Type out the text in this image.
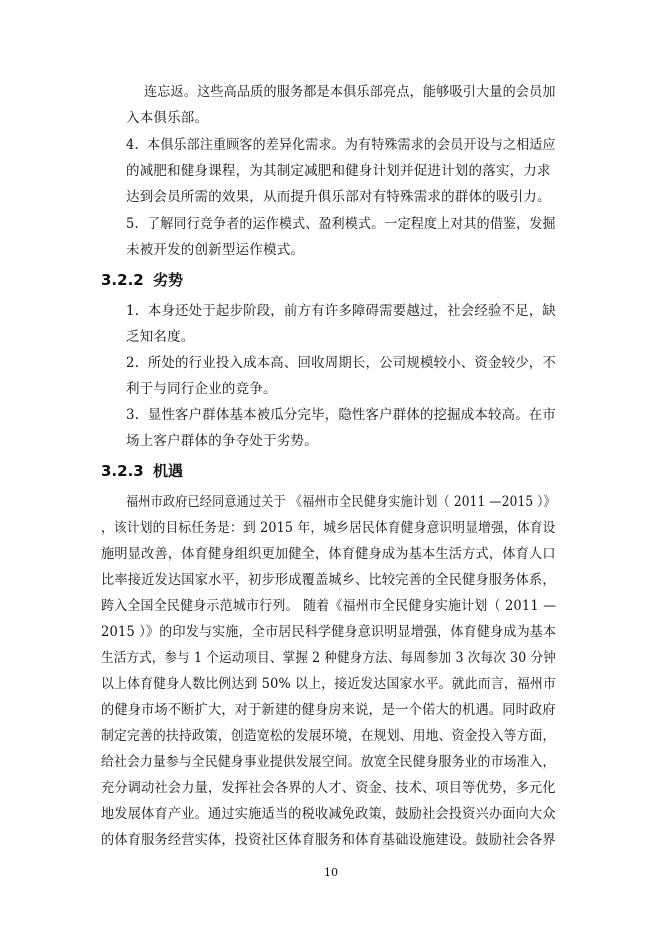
连忘返。这些高品质的服务都是本俱乐部亮点，能够吸引大量的会员加
入本俱乐部。
4. 本俱乐部注重顾客的差异化需求。为有特殊需求的会员开设与之相适应
的减肥和健身课程，为其制定减肥和健身计划并促进计划的落实，力求
达到会员所需的效果，从而提升俱乐部对有特殊需求的群体的吸引力。
5. 了解同行竞争者的运作模式、盈利模式。一定程度上对其的借鉴，发掘
未被开发的创新型运作模式。
3.2.2 劣势
1. 本身还处于起步阶段，前方有许多障碍需要越过，社会经验不足，缺
乏知名度。
2. 所处的行业投入成本高、回收周期长，公司规模较小、资金较少，不
利于与同行企业的竞争。
3. 显性客户群体基本被瓜分完毕，隐性客户群体的挖掘成本较高。在市
场上客户群体的争夺处于劣势。
3.2.3 机遇
福州市政府已经同意通过关于 《福州市全民健身实施计划（ 2011 —2015 ）》
，该计划的目标任务是：到 2015 年，城乡居民体育健身意识明显增强，体育设
施明显改善，体育健身组织更加健全，体育健身成为基本生活方式，体育人口
比率接近发达国家水平，初步形成覆盖城乡、比较完善的全民健身服务体系，
跨入全国全民健身示范城市行列。 随着《福州市全民健身实施计划（ 2011 —
2015 ）》的印发与实施，全市居民科学健身意识明显增强，体育健身成为基本
生活方式，参与 1 个运动项目、掌握 2 种健身方法、每周参加 3 次每次 30 分钟
以上体育健身人数比例达到 50% 以上，接近发达国家水平。就此而言，福州市
的健身市场不断扩大，对于新建的健身房来说，是一个偌大的机遇。同时政府
制定完善的扶持政策，创造宽松的发展环境，在规划、用地、资金投入等方面，
给社会力量参与全民健身事业提供发展空间。放宽全民健身服务业的市场准入，
充分调动社会力量，发挥社会各界的人才、资金、技术、项目等优势，多元化
地发展体育产业。通过实施适当的税收减免政策，鼓励社会投资兴办面向大众
的体育服务经营实体，投资社区体育服务和体育基础设施建设。鼓励社会各界
10
